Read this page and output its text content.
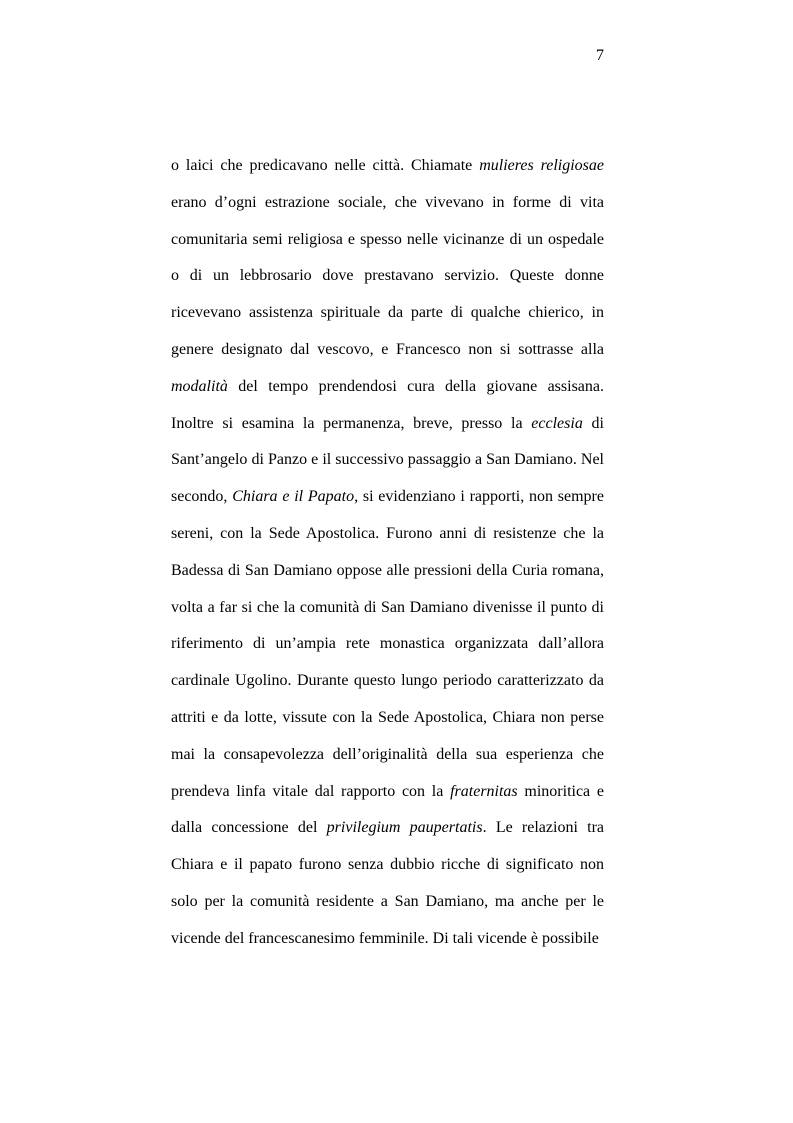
7
o laici che predicavano nelle città. Chiamate mulieres religiosae
erano d’ogni estrazione sociale, che vivevano in forme di vita
comunitaria semi religiosa e spesso nelle vicinanze di un ospedale
o di un lebbrosario dove prestavano servizio. Queste donne
ricevevano assistenza spirituale da parte di qualche chierico, in
genere designato dal vescovo, e Francesco non si sottrasse alla
modalità del tempo prendendosi cura della giovane assisana.
Inoltre si esamina la permanenza, breve, presso la ecclesia di
Sant’angelo di Panzo e il successivo passaggio a San Damiano. Nel
secondo, Chiara e il Papato, si evidenziano i rapporti, non sempre
sereni, con la Sede Apostolica. Furono anni di resistenze che la
Badessa di San Damiano oppose alle pressioni della Curia romana,
volta a far si che la comunità di San Damiano divenisse il punto di
riferimento di un’ampia rete monastica organizzata dall’allora
cardinale Ugolino. Durante questo lungo periodo caratterizzato da
attriti e da lotte, vissute con la Sede Apostolica, Chiara non perse
mai la consapevolezza dell’originalità della sua esperienza che
prendeva linfa vitale dal rapporto con la fraternitas minoritica e
dalla concessione del privilegium paupertatis. Le relazioni tra
Chiara e il papato furono senza dubbio ricche di significato non
solo per la comunità residente a San Damiano, ma anche per le
vicende del francescanesimo femminile. Di tali vicende è possibile
